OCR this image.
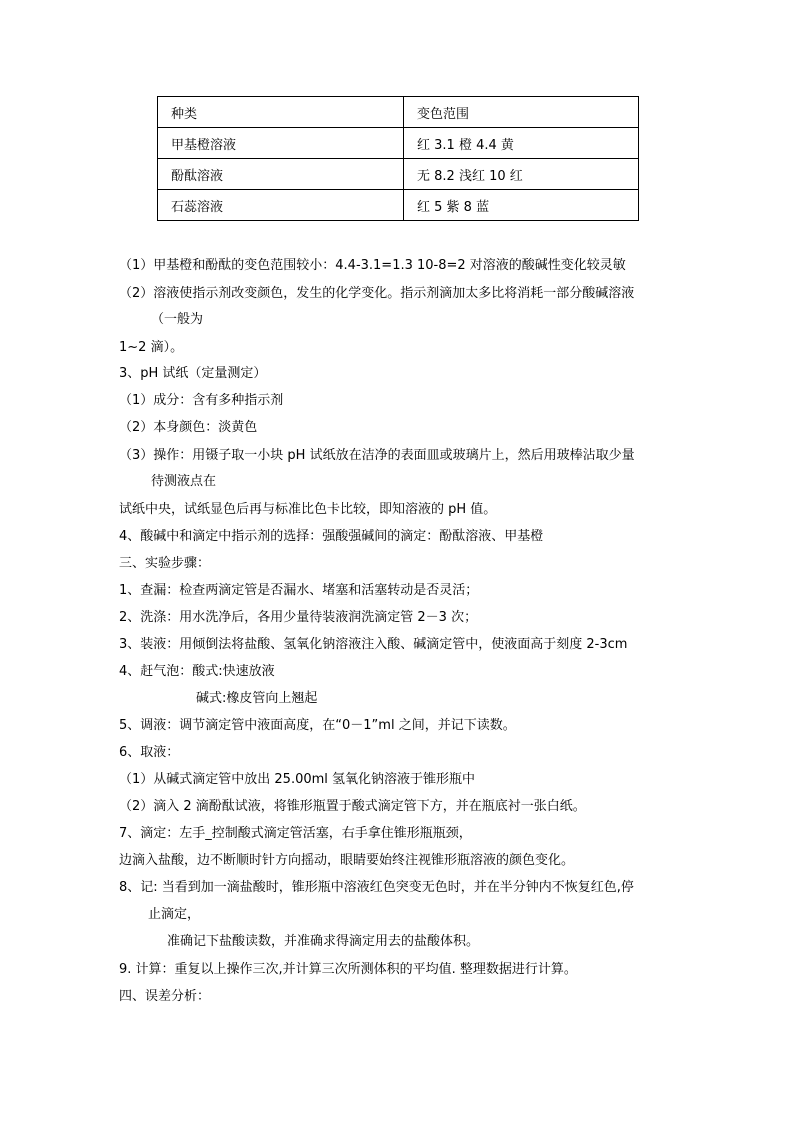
种类	变色范围
甲基橙溶液	红 3.1 橙 4.4 黄
酚酞溶液	无 8.2 浅红 10 红
石蕊溶液	红 5 紫 8 蓝
（1）甲基橙和酚酞的变色范围较小：4.4-3.1=1.3 10-8=2 对溶液的酸碱性变化较灵敏
（2）溶液使指示剂改变颜色，发生的化学变化。指示剂滴加太多比将消耗一部分酸碱溶液
（一般为
1~2 滴）。
3、pH 试纸（定量测定）
（1）成分：含有多种指示剂
（2）本身颜色：淡黄色
（3）操作：用镊子取一小块 pH 试纸放在洁净的表面皿或玻璃片上，然后用玻棒沾取少量
待测液点在
试纸中央，试纸显色后再与标准比色卡比较，即知溶液的 pH 值。
4、酸碱中和滴定中指示剂的选择：强酸强碱间的滴定：酚酞溶液、甲基橙
三、实验步骤：
1、查漏：检查两滴定管是否漏水、堵塞和活塞转动是否灵活；
2、洗涤：用水洗净后，各用少量待装液润洗滴定管 2－3 次；
3、装液：用倾倒法将盐酸、氢氧化钠溶液注入酸、碱滴定管中，使液面高于刻度 2-3cm
4、赶气泡：酸式:快速放液
碱式:橡皮管向上翘起
5、调液：调节滴定管中液面高度，在“0－1”ml 之间，并记下读数。
6、取液：
（1）从碱式滴定管中放出 25.00ml 氢氧化钠溶液于锥形瓶中
（2）滴入 2 滴酚酞试液，将锥形瓶置于酸式滴定管下方，并在瓶底衬一张白纸。
7、滴定：左手_控制酸式滴定管活塞，右手拿住锥形瓶瓶颈，
边滴入盐酸，边不断顺时针方向摇动，眼睛要始终注视锥形瓶溶液的颜色变化。
8、记: 当看到加一滴盐酸时，锥形瓶中溶液红色突变无色时，并在半分钟内不恢复红色,停
止滴定，
准确记下盐酸读数，并准确求得滴定用去的盐酸体积。
9. 计算：重复以上操作三次,并计算三次所测体积的平均值. 整理数据进行计算。
四、误差分析：
